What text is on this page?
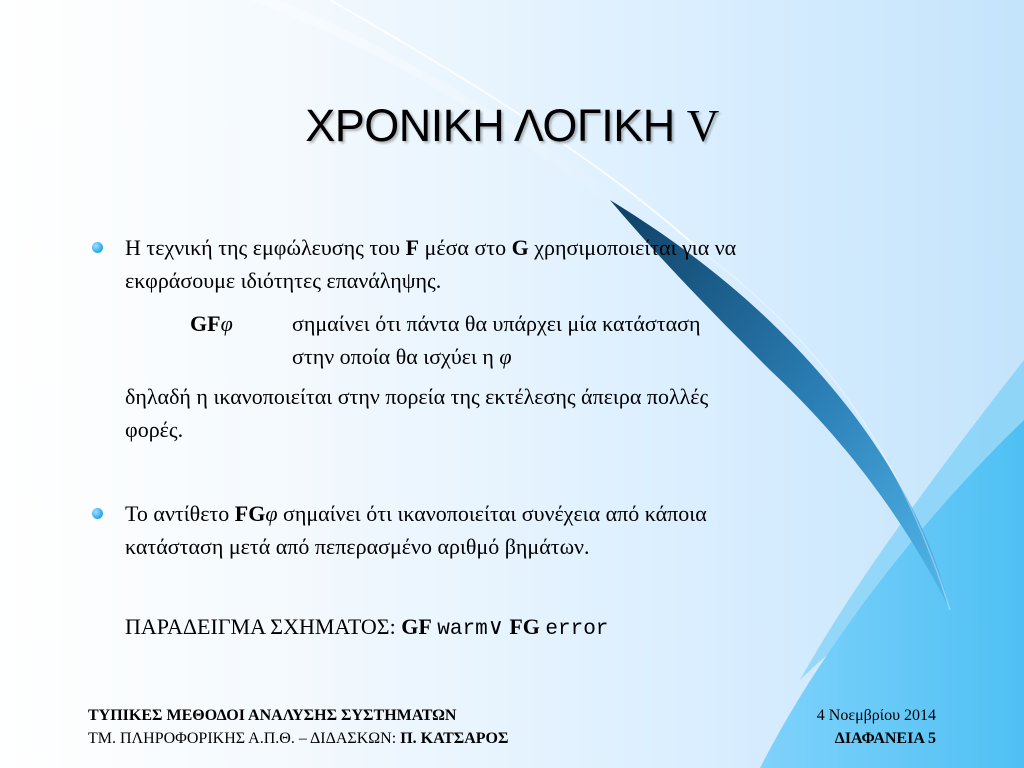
ΧΡΟΝΙΚΗ ΛΟΓΙΚΗ V
Η τεχνική της εμφώλευσης του F μέσα στο G χρησιμοποιείται για να
εκφράσουμε ιδιότητες επανάληψης.
GFφ	σημαίνει ότι πάντα θα υπάρχει μία κατάσταση
στην οποία θα ισχύει η φ
δηλαδή η ικανοποιείται στην πορεία της εκτέλεσης άπειρα πολλές
φορές.
Το αντίθετο FGφ σημαίνει ότι ικανοποιείται συνέχεια από κάποια
κατάσταση μετά από πεπερασμένο αριθμό βημάτων.
ΠΑΡΑΔΕΙΓΜΑ ΣΧΗΜΑΤΟΣ: GF warm∨ FG error
ΤΥΠΙΚΕΣ ΜΕΘΟΔΟΙ ΑΝΑΛΥΣΗΣ ΣΥΣΤΗΜΑΤΩΝ
ΤΜ. ΠΛΗΡΟΦΟΡΙΚΗΣ Α.Π.Θ. – ΔΙΔΑΣΚΩΝ: Π. ΚΑΤΣΑΡΟΣ
4 Νοεμβρίου 2014
ΔΙΑΦΑΝΕΙΑ 5
